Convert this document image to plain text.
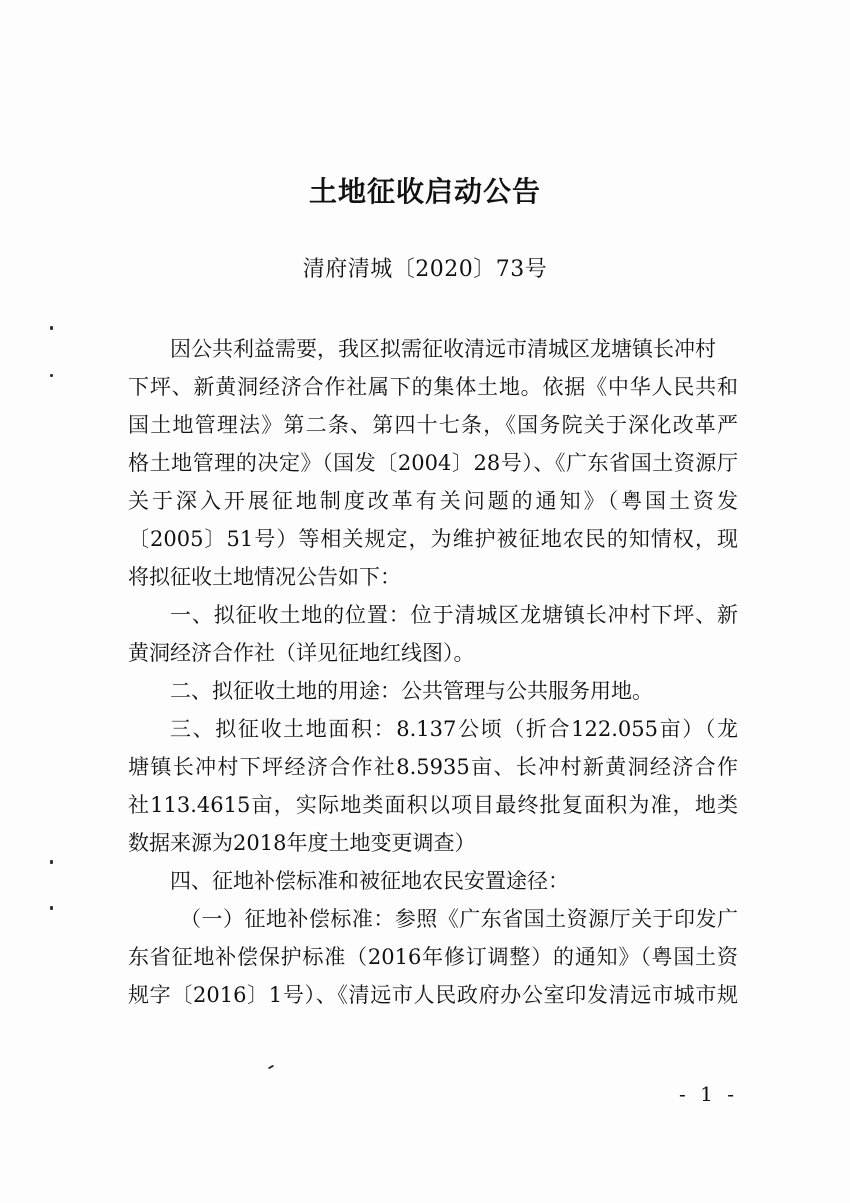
土地征收启动公告
清府清城〔2020〕73号
因公共利益需要，我区拟需征收清远市清城区龙塘镇长冲村
下坪、新黄洞经济合作社属下的集体土地。依据《中华人民共和
国土地管理法》第二条、第四十七条，《国务院关于深化改革严
格土地管理的决定》（国发〔2004〕28号）、《广东省国土资源厅
关于深入开展征地制度改革有关问题的通知》（粤国土资发
〔2005〕51号）等相关规定，为维护被征地农民的知情权，现
将拟征收土地情况公告如下：
一、拟征收土地的位置：位于清城区龙塘镇长冲村下坪、新
黄洞经济合作社（详见征地红线图）。
二、拟征收土地的用途：公共管理与公共服务用地。
三、拟征收土地面积：8.137公顷（折合122.055亩）（龙
塘镇长冲村下坪经济合作社8.5935亩、长冲村新黄洞经济合作
社113.4615亩，实际地类面积以项目最终批复面积为准，地类
数据来源为2018年度土地变更调查）
四、征地补偿标准和被征地农民安置途径：
（一）征地补偿标准：参照《广东省国土资源厅关于印发广
东省征地补偿保护标准（2016年修订调整）的通知》（粤国土资
规字〔2016〕1号）、《清远市人民政府办公室印发清远市城市规
- 1 -
